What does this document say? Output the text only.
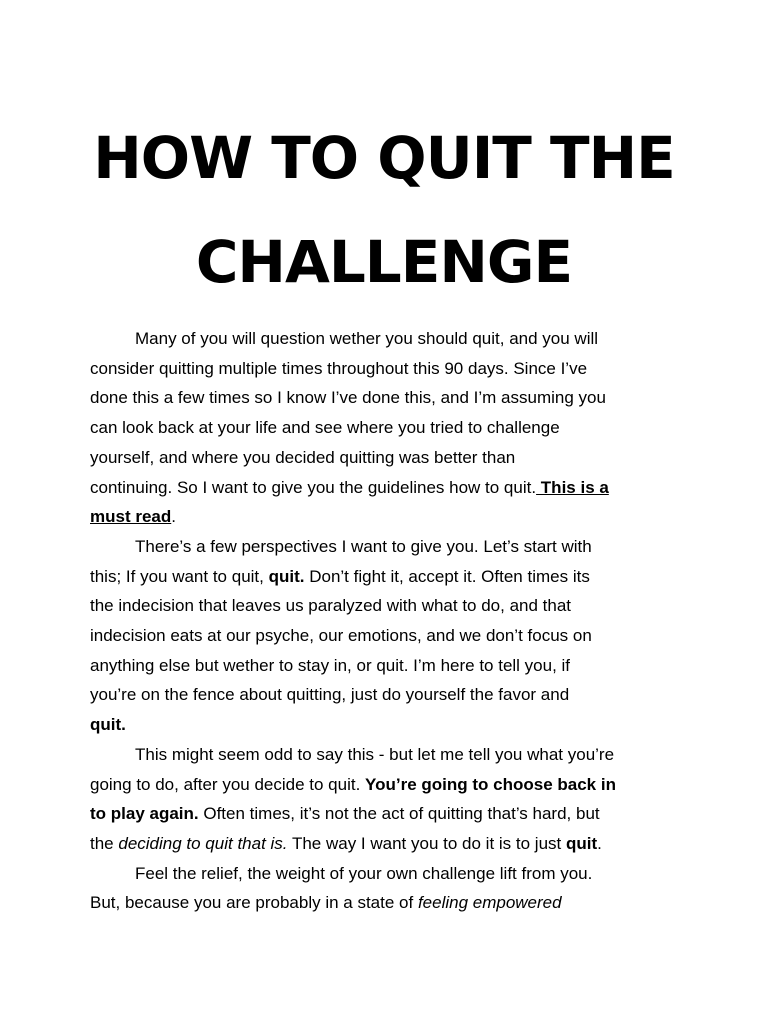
HOW TO QUIT THE
CHALLENGE
Many of you will question wether you should quit, and you will
consider quitting multiple times throughout this 90 days. Since I’ve
done this a few times so I know I’ve done this, and I’m assuming you
can look back at your life and see where you tried to challenge
yourself, and where you decided quitting was better than
continuing. So I want to give you the guidelines how to quit. This is a
must read.
There’s a few perspectives I want to give you. Let’s start with
this; If you want to quit, quit. Don’t fight it, accept it. Often times its
the indecision that leaves us paralyzed with what to do, and that
indecision eats at our psyche, our emotions, and we don’t focus on
anything else but wether to stay in, or quit. I’m here to tell you, if
you’re on the fence about quitting, just do yourself the favor and
quit.
This might seem odd to say this - but let me tell you what you’re
going to do, after you decide to quit. You’re going to choose back in
to play again. Often times, it’s not the act of quitting that’s hard, but
the deciding to quit that is. The way I want you to do it is to just quit.
Feel the relief, the weight of your own challenge lift from you.
But, because you are probably in a state of feeling empowered
